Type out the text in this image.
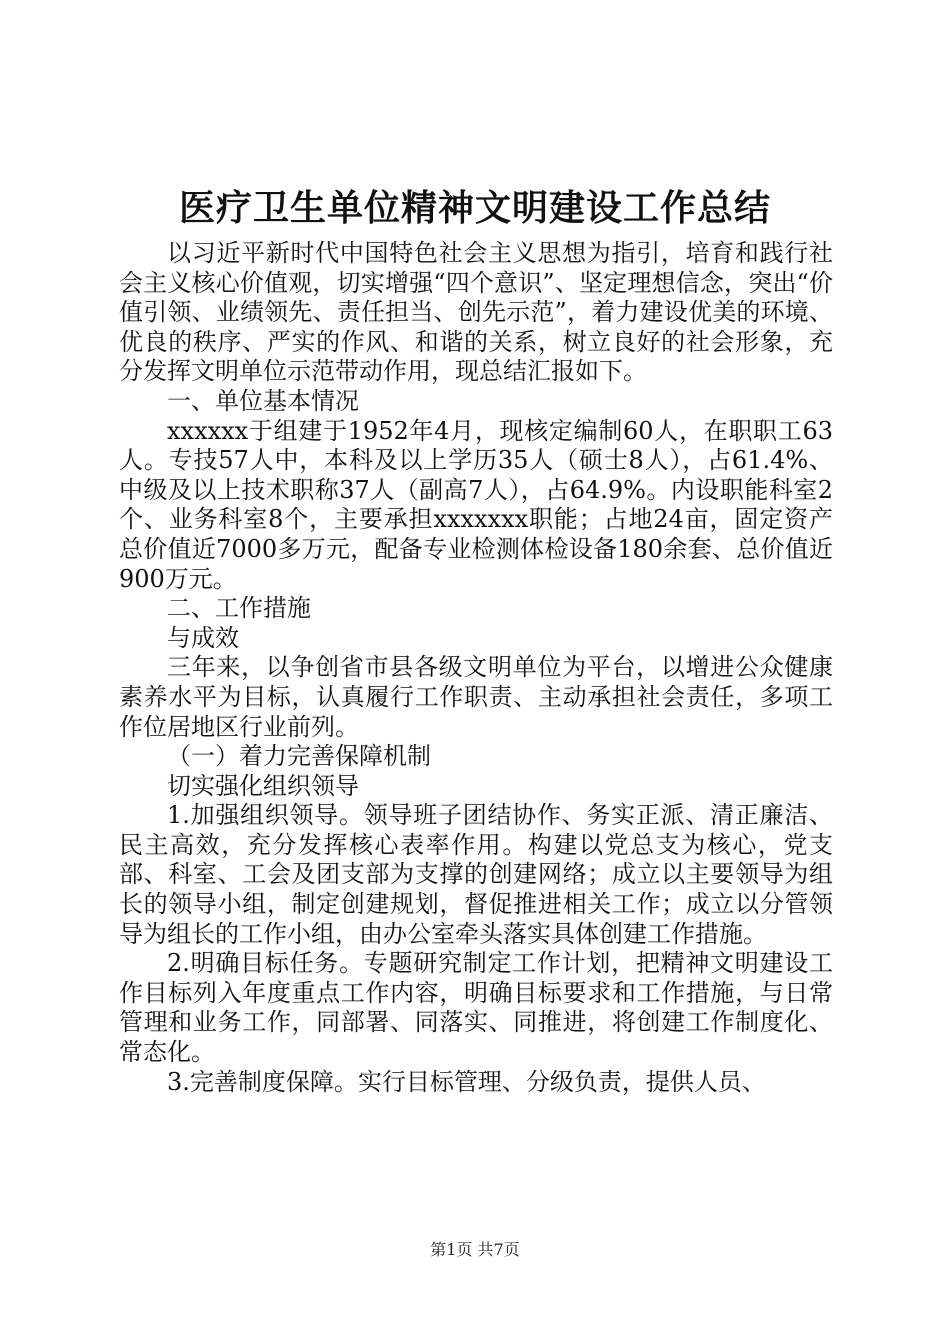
医疗卫生单位精神文明建设工作总结

以习近平新时代中国特色社会主义思想为指引，培育和践行社会主义核心价值观，切实增强“四个意识”、坚定理想信念，突出“价值引领、业绩领先、责任担当、创先示范”，着力建设优美的环境、优良的秩序、严实的作风、和谐的关系，树立良好的社会形象，充分发挥文明单位示范带动作用，现总结汇报如下。

一、单位基本情况

xxxxxx于组建于1952年4月，现核定编制60人，在职职工63人。专技57人中，本科及以上学历35人（硕士8人），占61.4%、中级及以上技术职称37人（副高7人），占64.9%。内设职能科室2个、业务科室8个，主要承担xxxxxxx职能；占地24亩，固定资产总价值近7000多万元，配备专业检测体检设备180余套、总价值近900万元。

二、工作措施

与成效

三年来，以争创省市县各级文明单位为平台，以增进公众健康素养水平为目标，认真履行工作职责、主动承担社会责任，多项工作位居地区行业前列。

（一）着力完善保障机制

切实强化组织领导

1.加强组织领导。领导班子团结协作、务实正派、清正廉洁、民主高效，充分发挥核心表率作用。构建以党总支为核心，党支部、科室、工会及团支部为支撑的创建网络；成立以主要领导为组长的领导小组，制定创建规划，督促推进相关工作；成立以分管领导为组长的工作小组，由办公室牵头落实具体创建工作措施。

2.明确目标任务。专题研究制定工作计划，把精神文明建设工作目标列入年度重点工作内容，明确目标要求和工作措施，与日常管理和业务工作，同部署、同落实、同推进，将创建工作制度化、常态化。

3.完善制度保障。实行目标管理、分级负责，提供人员、

第1页 共7页
